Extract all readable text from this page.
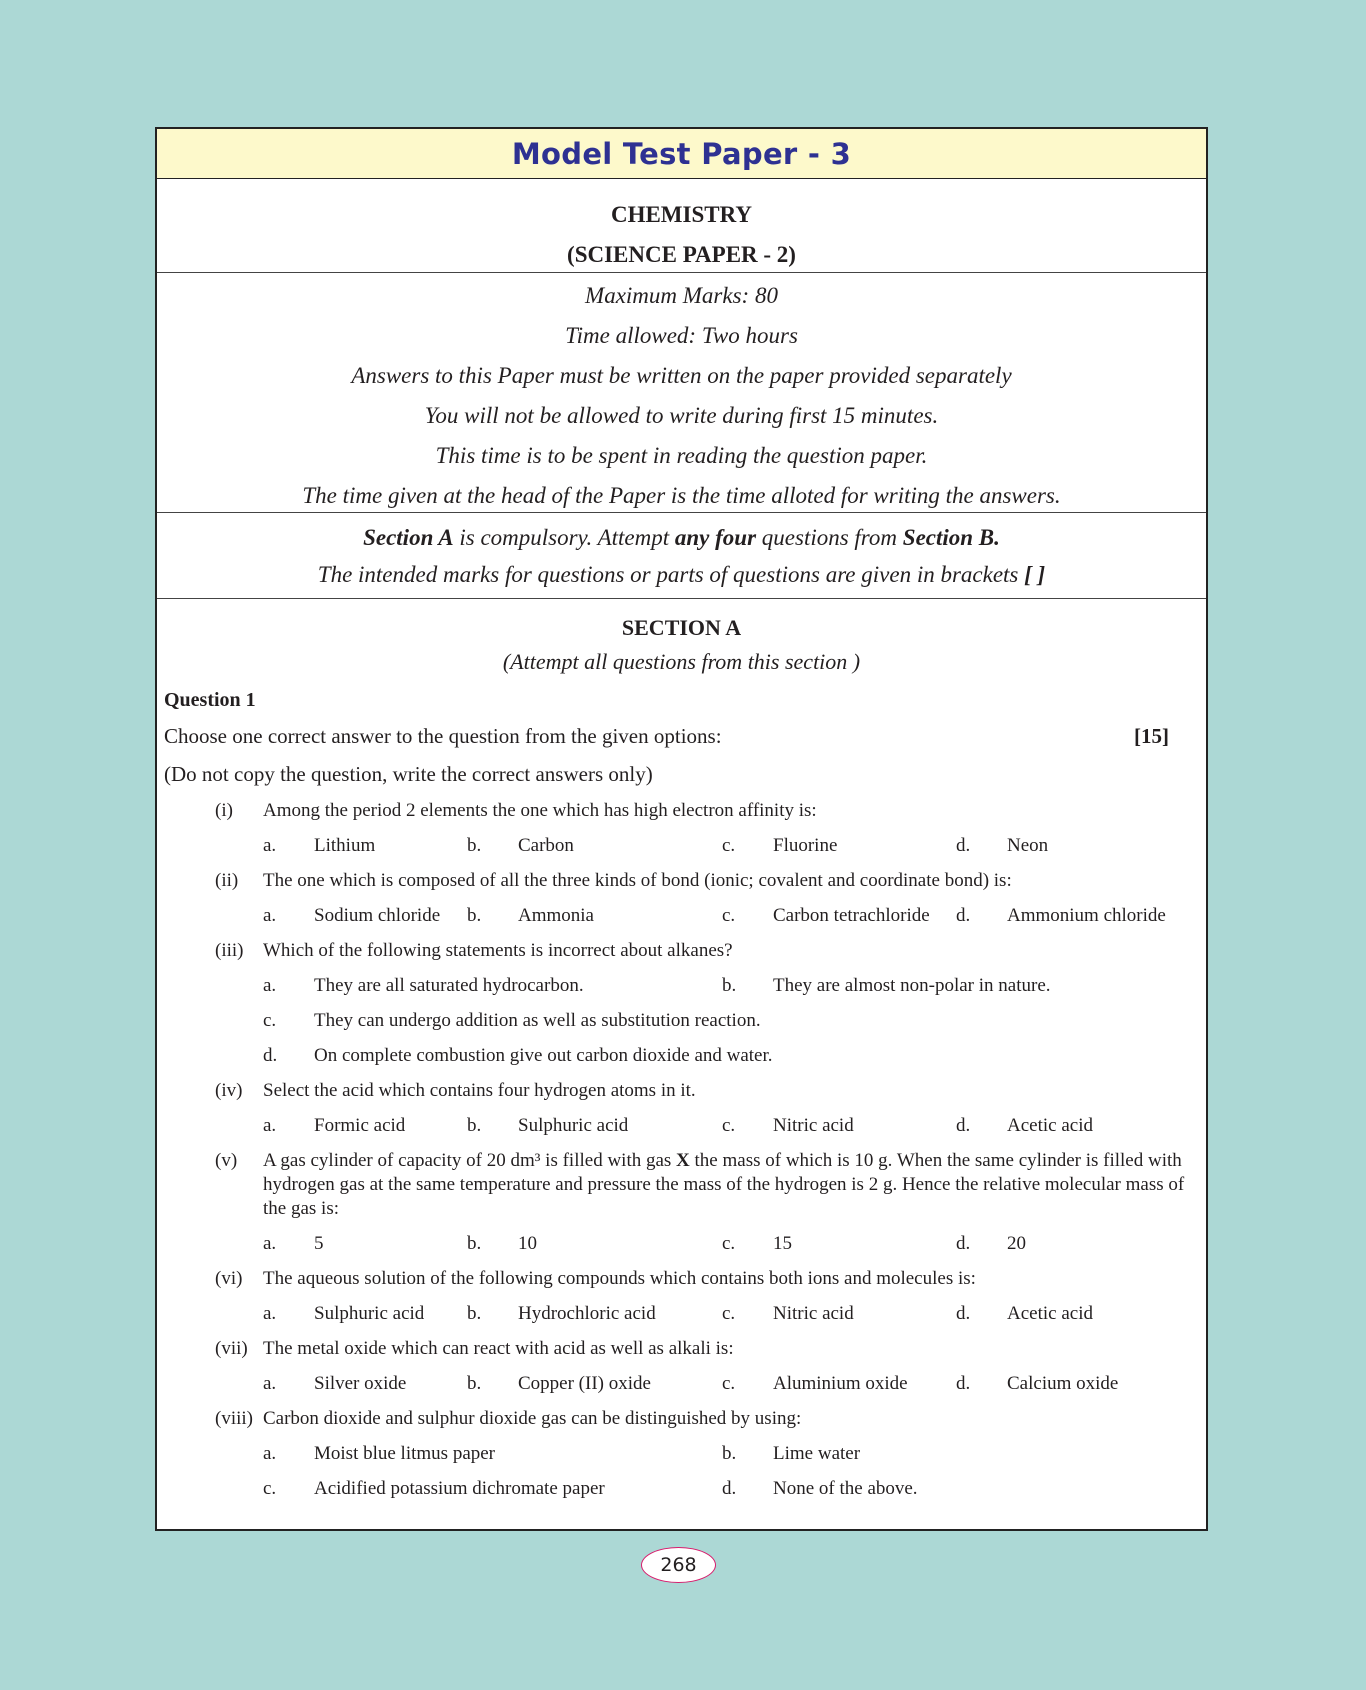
Model Test Paper - 3
CHEMISTRY
(SCIENCE PAPER - 2)
Maximum Marks: 80
Time allowed: Two hours
Answers to this Paper must be written on the paper provided separately
You will not be allowed to write during first 15 minutes.
This time is to be spent in reading the question paper.
The time given at the head of the Paper is the time alloted for writing the answers.
Section A is compulsory. Attempt any four questions from Section B.
The intended marks for questions or parts of questions are given in brackets [ ]
SECTION A
(Attempt all questions from this section )
Question 1
Choose one correct answer to the question from the given options:	[15]
(Do not copy the question, write the correct answers only)
(i)	Among the period 2 elements the one which has high electron affinity is:
a. Lithium	b. Carbon	c. Fluorine	d. Neon
(ii)	The one which is composed of all the three kinds of bond (ionic; covalent and coordinate bond) is:
a. Sodium chloride b. Ammonia	c. Carbon tetrachloride d. Ammonium chloride
(iii)	Which of the following statements is incorrect about alkanes?
a. They are all saturated hydrocarbon.	b. They are almost non-polar in nature.
c. They can undergo addition as well as substitution reaction.
d. On complete combustion give out carbon dioxide and water.
(iv)	Select the acid which contains four hydrogen atoms in it.
a. Formic acid	b. Sulphuric acid	c. Nitric acid	d. Acetic acid
(v)	A gas cylinder of capacity of 20 dm³ is filled with gas X the mass of which is 10 g. When the same cylinder is filled with hydrogen gas at the same temperature and pressure the mass of the hydrogen is 2 g. Hence the relative molecular mass of the gas is:
a. 5	b. 10	c. 15	d. 20
(vi)	The aqueous solution of the following compounds which contains both ions and molecules is:
a. Sulphuric acid b. Hydrochloric acid	c. Nitric acid	d. Acetic acid
(vii) The metal oxide which can react with acid as well as alkali is:
a. Silver oxide	b. Copper (II) oxide	c. Aluminium oxide	d. Calcium oxide
(viii) Carbon dioxide and sulphur dioxide gas can be distinguished by using:
a. Moist blue litmus paper	b. Lime water
c. Acidified potassium dichromate paper	d. None of the above.
268
